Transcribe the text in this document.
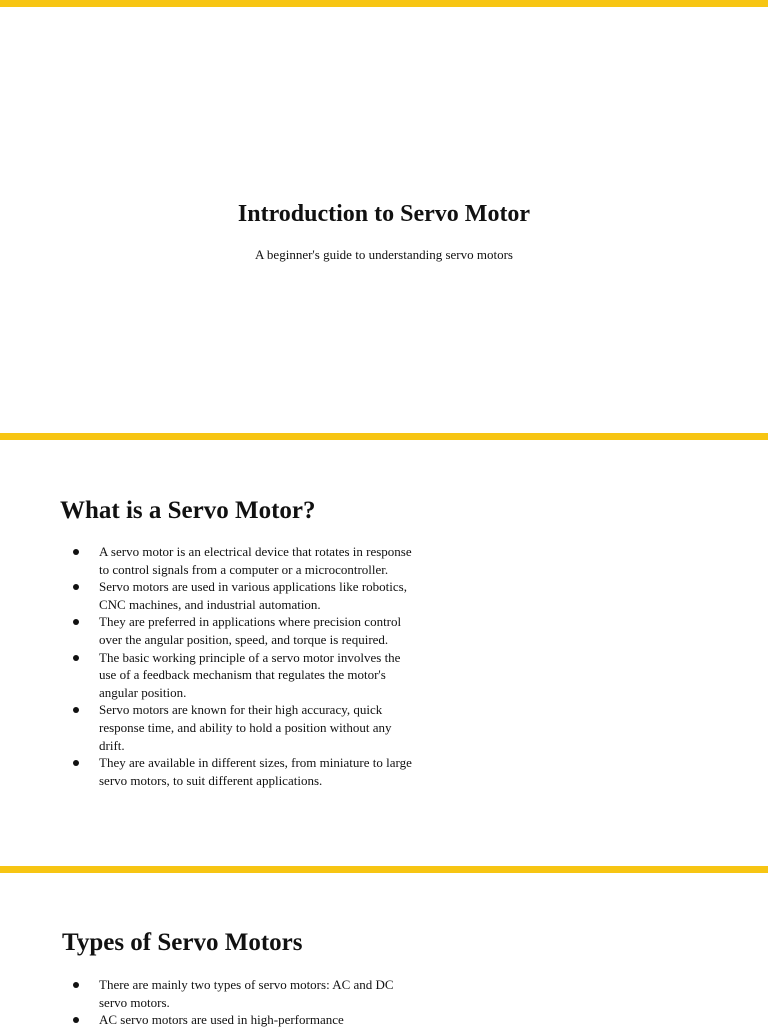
Introduction to Servo Motor

A beginner's guide to understanding servo motors

What is a Servo Motor?
A servo motor is an electrical device that rotates in response to control signals from a computer or a microcontroller.
Servo motors are used in various applications like robotics, CNC machines, and industrial automation.
They are preferred in applications where precision control over the angular position, speed, and torque is required.
The basic working principle of a servo motor involves the use of a feedback mechanism that regulates the motor's angular position.
Servo motors are known for their high accuracy, quick response time, and ability to hold a position without any drift.
They are available in different sizes, from miniature to large servo motors, to suit different applications.
Types of Servo Motors
There are mainly two types of servo motors: AC and DC servo motors.
AC servo motors are used in high-performance
